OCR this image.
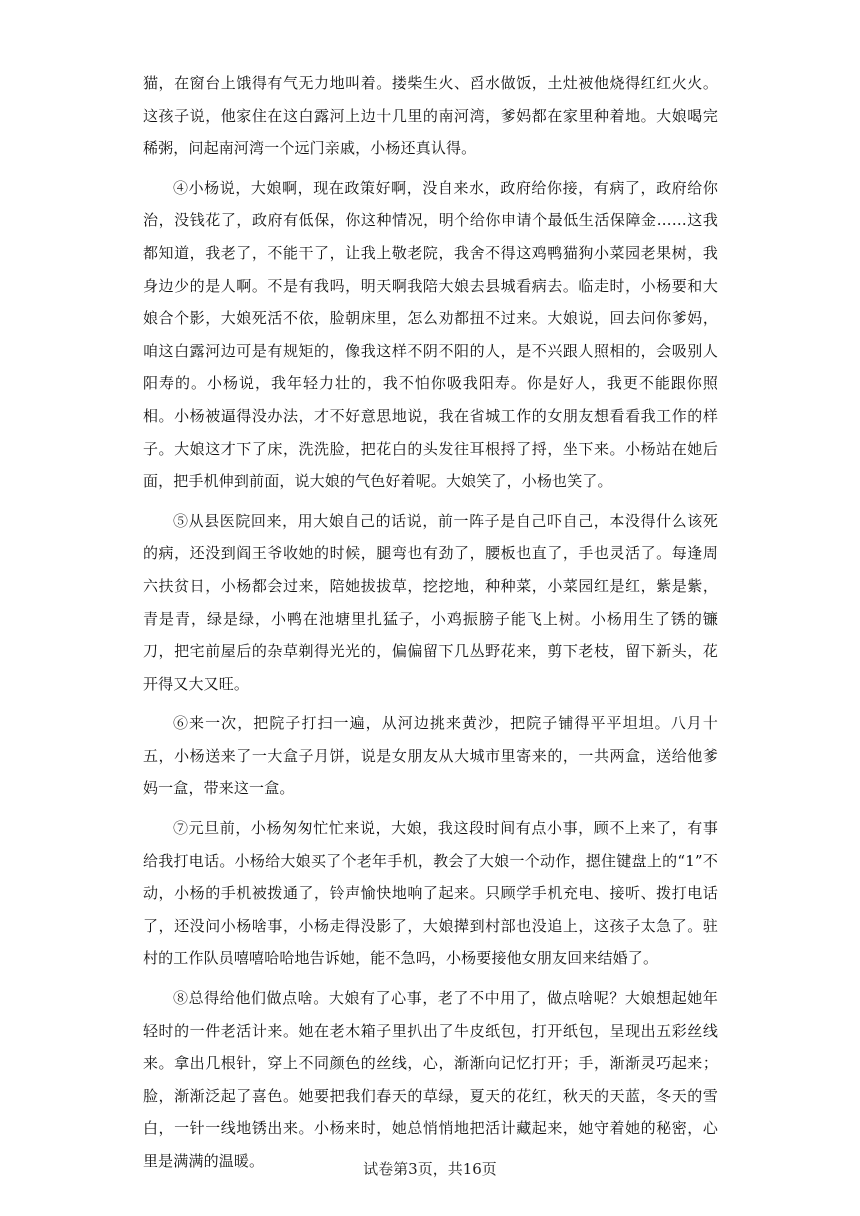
猫，在窗台上饿得有气无力地叫着。搂柴生火、舀水做饭，土灶被他烧得红红火火。这孩子说，他家住在这白露河上边十几里的南河湾，爹妈都在家里种着地。大娘喝完稀粥，问起南河湾一个远门亲戚，小杨还真认得。

④小杨说，大娘啊，现在政策好啊，没自来水，政府给你接，有病了，政府给你治，没钱花了，政府有低保，你这种情况，明个给你申请个最低生活保障金……这我都知道，我老了，不能干了，让我上敬老院，我舍不得这鸡鸭猫狗小菜园老果树，我身边少的是人啊。不是有我吗，明天啊我陪大娘去县城看病去。临走时，小杨要和大娘合个影，大娘死活不依，脸朝床里，怎么劝都扭不过来。大娘说，回去问你爹妈，咱这白露河边可是有规矩的，像我这样不阴不阳的人，是不兴跟人照相的，会吸别人阳寿的。小杨说，我年轻力壮的，我不怕你吸我阳寿。你是好人，我更不能跟你照相。小杨被逼得没办法，才不好意思地说，我在省城工作的女朋友想看看我工作的样子。大娘这才下了床，洗洗脸，把花白的头发往耳根捋了捋，坐下来。小杨站在她后面，把手机伸到前面，说大娘的气色好着呢。大娘笑了，小杨也笑了。

⑤从县医院回来，用大娘自己的话说，前一阵子是自己吓自己，本没得什么该死的病，还没到阎王爷收她的时候，腿弯也有劲了，腰板也直了，手也灵活了。每逢周六扶贫日，小杨都会过来，陪她拔拔草，挖挖地，种种菜，小菜园红是红，紫是紫，青是青，绿是绿，小鸭在池塘里扎猛子，小鸡振膀子能飞上树。小杨用生了锈的镰刀，把宅前屋后的杂草剃得光光的，偏偏留下几丛野花来，剪下老枝，留下新头，花开得又大又旺。

⑥来一次，把院子打扫一遍，从河边挑来黄沙，把院子铺得平平坦坦。八月十五，小杨送来了一大盒子月饼，说是女朋友从大城市里寄来的，一共两盒，送给他爹妈一盒，带来这一盒。

⑦元旦前，小杨匆匆忙忙来说，大娘，我这段时间有点小事，顾不上来了，有事给我打电话。小杨给大娘买了个老年手机，教会了大娘一个动作，摁住键盘上的“1”不动，小杨的手机被拨通了，铃声愉快地响了起来。只顾学手机充电、接听、拨打电话了，还没问小杨啥事，小杨走得没影了，大娘撵到村部也没追上，这孩子太急了。驻村的工作队员嘻嘻哈哈地告诉她，能不急吗，小杨要接他女朋友回来结婚了。

⑧总得给他们做点啥。大娘有了心事，老了不中用了，做点啥呢？大娘想起她年轻时的一件老活计来。她在老木箱子里扒出了牛皮纸包，打开纸包，呈现出五彩丝线来。拿出几根针，穿上不同颜色的丝线，心，渐渐向记忆打开；手，渐渐灵巧起来；脸，渐渐泛起了喜色。她要把我们春天的草绿，夏天的花红，秋天的天蓝，冬天的雪白，一针一线地锈出来。小杨来时，她总悄悄地把活计藏起来，她守着她的秘密，心里是满满的温暖。	试卷第3页，共16页
